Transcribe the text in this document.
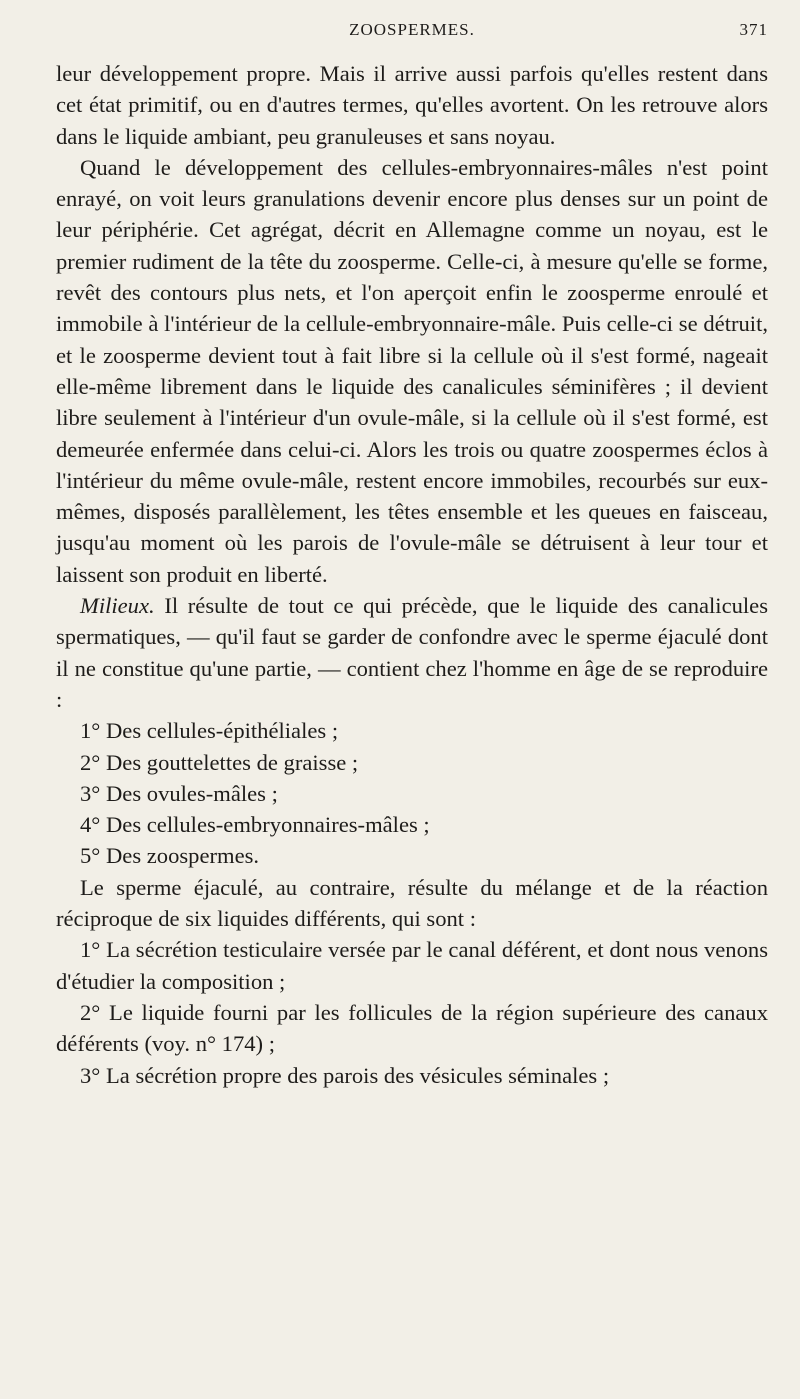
ZOOSPERMES.	371

leur développement propre. Mais il arrive aussi parfois qu'elles restent dans cet état primitif, ou en d'autres termes, qu'elles avortent. On les retrouve alors dans le liquide ambiant, peu granuleuses et sans noyau.

Quand le développement des cellules-embryonnaires-mâles n'est point enrayé, on voit leurs granulations devenir encore plus denses sur un point de leur périphérie. Cet agrégat, décrit en Allemagne comme un noyau, est le premier rudiment de la tête du zoosperme. Celle-ci, à mesure qu'elle se forme, revêt des contours plus nets, et l'on aperçoit enfin le zoosperme enroulé et immobile à l'intérieur de la cellule-embryonnaire-mâle. Puis celle-ci se détruit, et le zoosperme devient tout à fait libre si la cellule où il s'est formé, nageait elle-même librement dans le liquide des canalicules séminifères ; il devient libre seulement à l'intérieur d'un ovule-mâle, si la cellule où il s'est formé, est demeurée enfermée dans celui-ci. Alors les trois ou quatre zoospermes éclos à l'intérieur du même ovule-mâle, restent encore immobiles, recourbés sur eux-mêmes, disposés parallèlement, les têtes ensemble et les queues en faisceau, jusqu'au moment où les parois de l'ovule-mâle se détruisent à leur tour et laissent son produit en liberté.

Milieux. Il résulte de tout ce qui précède, que le liquide des canalicules spermatiques, — qu'il faut se garder de confondre avec le sperme éjaculé dont il ne constitue qu'une partie, — contient chez l'homme en âge de se reproduire :

1° Des cellules-épithéliales ;

2° Des gouttelettes de graisse ;

3° Des ovules-mâles ;

4° Des cellules-embryonnaires-mâles ;

5° Des zoospermes.

Le sperme éjaculé, au contraire, résulte du mélange et de la réaction réciproque de six liquides différents, qui sont :

1° La sécrétion testiculaire versée par le canal déférent, et dont nous venons d'étudier la composition ;

2° Le liquide fourni par les follicules de la région supérieure des canaux déférents (voy. n° 174) ;

3° La sécrétion propre des parois des vésicules séminales ;
